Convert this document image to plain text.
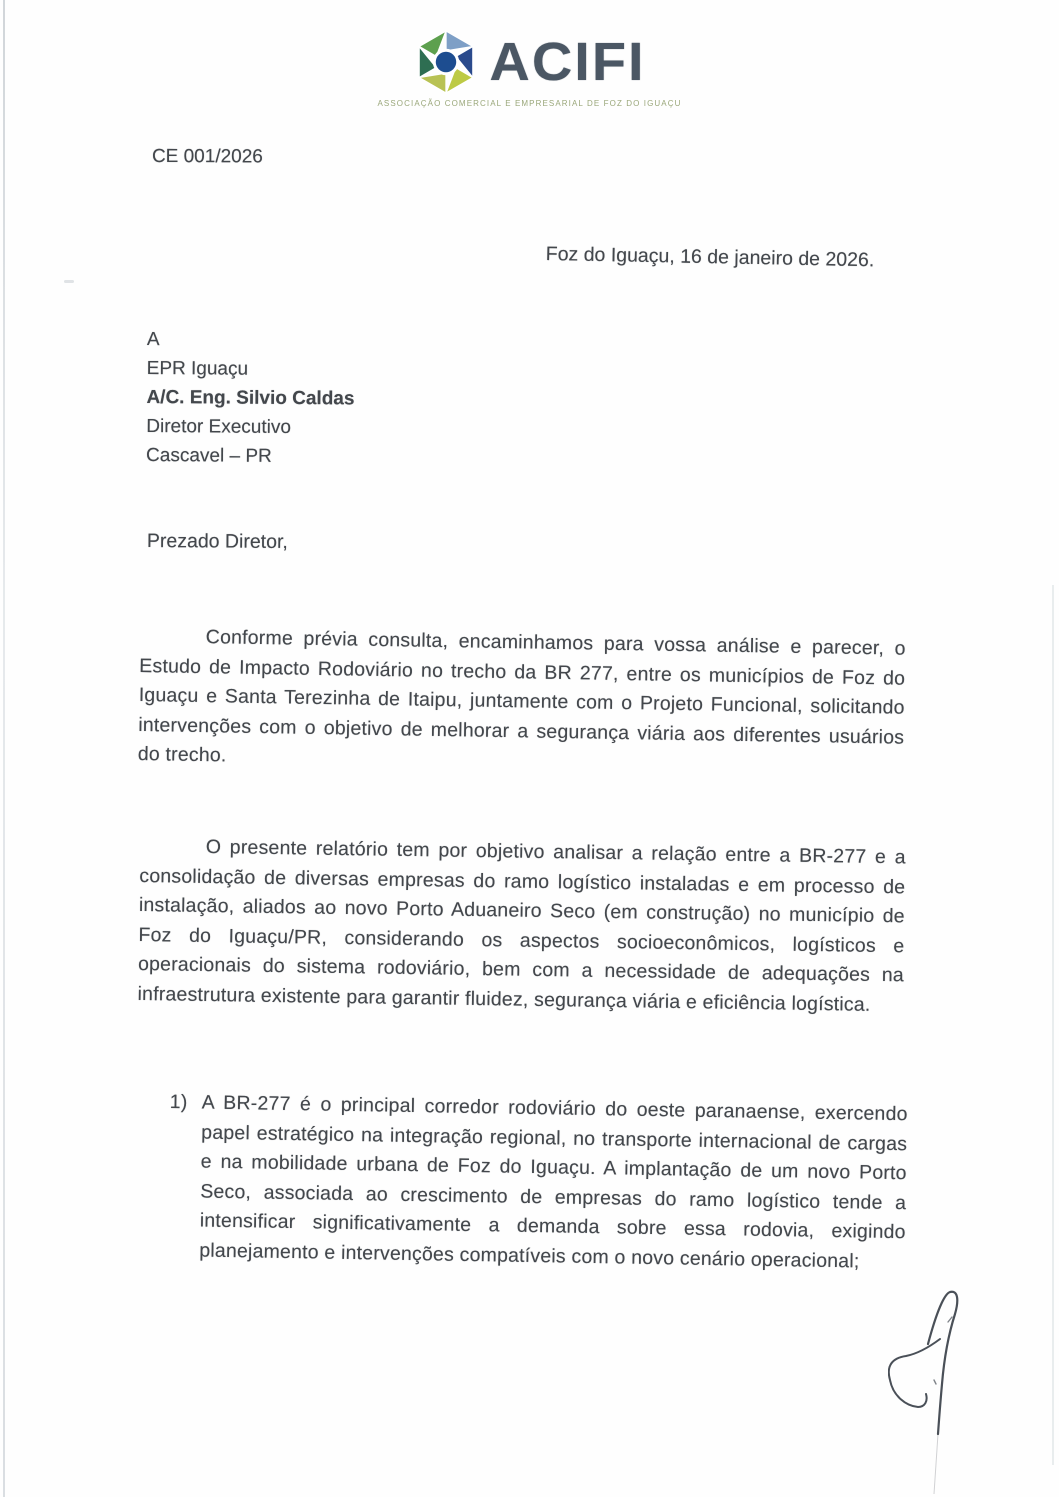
ACIFI
ASSOCIAÇÃO COMERCIAL E EMPRESARIAL DE FOZ DO IGUAÇU
CE 001/2026
Foz do Iguaçu, 16 de janeiro de 2026.
A
EPR Iguaçu
A/C. Eng. Silvio Caldas
Diretor Executivo
Cascavel – PR
Prezado Diretor,
Conforme prévia consulta, encaminhamos para vossa análise e parecer, o Estudo de Impacto Rodoviário no trecho da BR 277, entre os municípios de Foz do Iguaçu e Santa Terezinha de Itaipu, juntamente com o Projeto Funcional, solicitando intervenções com o objetivo de melhorar a segurança viária aos diferentes usuários do trecho.
O presente relatório tem por objetivo analisar a relação entre a BR-277 e a consolidação de diversas empresas do ramo logístico instaladas e em processo de instalação, aliados ao novo Porto Aduaneiro Seco (em construção) no município de Foz do Iguaçu/PR, considerando os aspectos socioeconômicos, logísticos e operacionais do sistema rodoviário, bem com a necessidade de adequações na infraestrutura existente para garantir fluidez, segurança viária e eficiência logística.
1) A BR-277 é o principal corredor rodoviário do oeste paranaense, exercendo papel estratégico na integração regional, no transporte internacional de cargas e na mobilidade urbana de Foz do Iguaçu. A implantação de um novo Porto Seco, associada ao crescimento de empresas do ramo logístico tende a intensificar significativamente a demanda sobre essa rodovia, exigindo planejamento e intervenções compatíveis com o novo cenário operacional;
